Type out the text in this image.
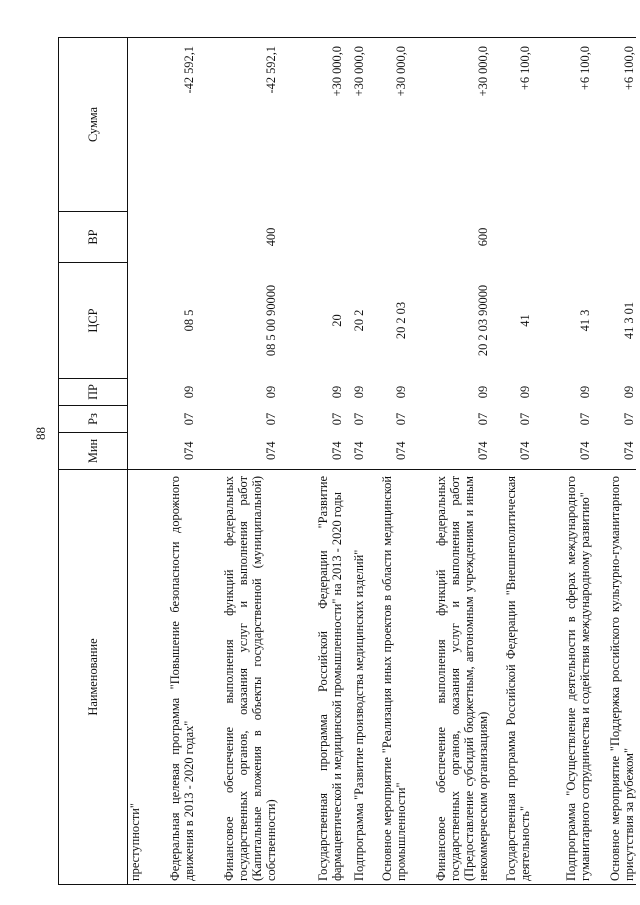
88
Наименование	Мин	Рз	ПР	ЦСР	ВР	Сумма
преступности"						
Федеральная целевая программа "Повышение безопасности дорожного движения в 2013 - 2020 годах"	074	07	09	08 5		-42 592,1
Финансовое обеспечение выполнения функций федеральных государственных органов, оказания услуг и выполнения работ (Капитальные вложения в объекты государственной (муниципальной) собственности)	074	07	09	08 5 00 90000	400	-42 592,1
Государственная программа Российской Федерации "Развитие фармацевтической и медицинской промышленности" на 2013 - 2020 годы	074	07	09	20		+30 000,0
Подпрограмма "Развитие производства медицинских изделий"	074	07	09	20 2		+30 000,0
Основное мероприятие "Реализация иных проектов в области медицинской промышленности"	074	07	09	20 2 03		+30 000,0
Финансовое обеспечение выполнения функций федеральных государственных органов, оказания услуг и выполнения работ (Предоставление субсидий бюджетным, автономным учреждениям и иным некоммерческим организациям)	074	07	09	20 2 03 90000	600	+30 000,0
Государственная программа Российской Федерации "Внешнеполитическая деятельность"	074	07	09	41		+6 100,0
Подпрограмма "Осуществление деятельности в сферах международного гуманитарного сотрудничества и содействия международному развитию"	074	07	09	41 3		+6 100,0
Основное мероприятие "Поддержка российского культурно-гуманитарного присутствия за рубежом"	074	07	09	41 3 01		+6 100,0
